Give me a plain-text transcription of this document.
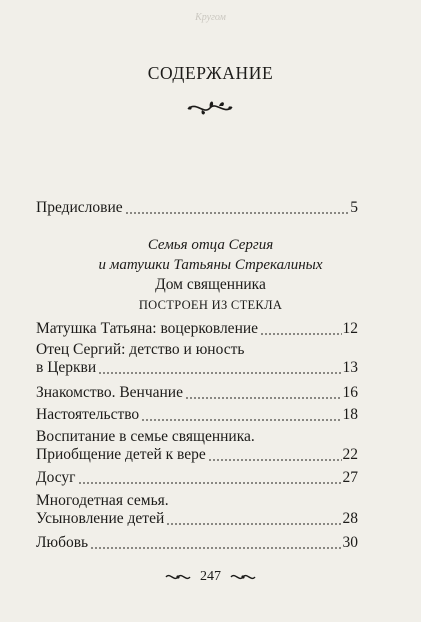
Кругом
СОДЕРЖАНИЕ
Предисловие	5
Семья отца Сергия
и матушки Татьяны Стрекалиных
Дом священника
ПОСТРОЕН ИЗ СТЕКЛА
Матушка Татьяна: воцерковление	12
Отец Сергий: детство и юность
в Церкви	13
Знакомство. Венчание	16
Настоятельство	18
Воспитание в семье священника.
Приобщение детей к вере	22
Досуг	27
Многодетная семья.
Усыновление детей	28
Любовь	30
247
